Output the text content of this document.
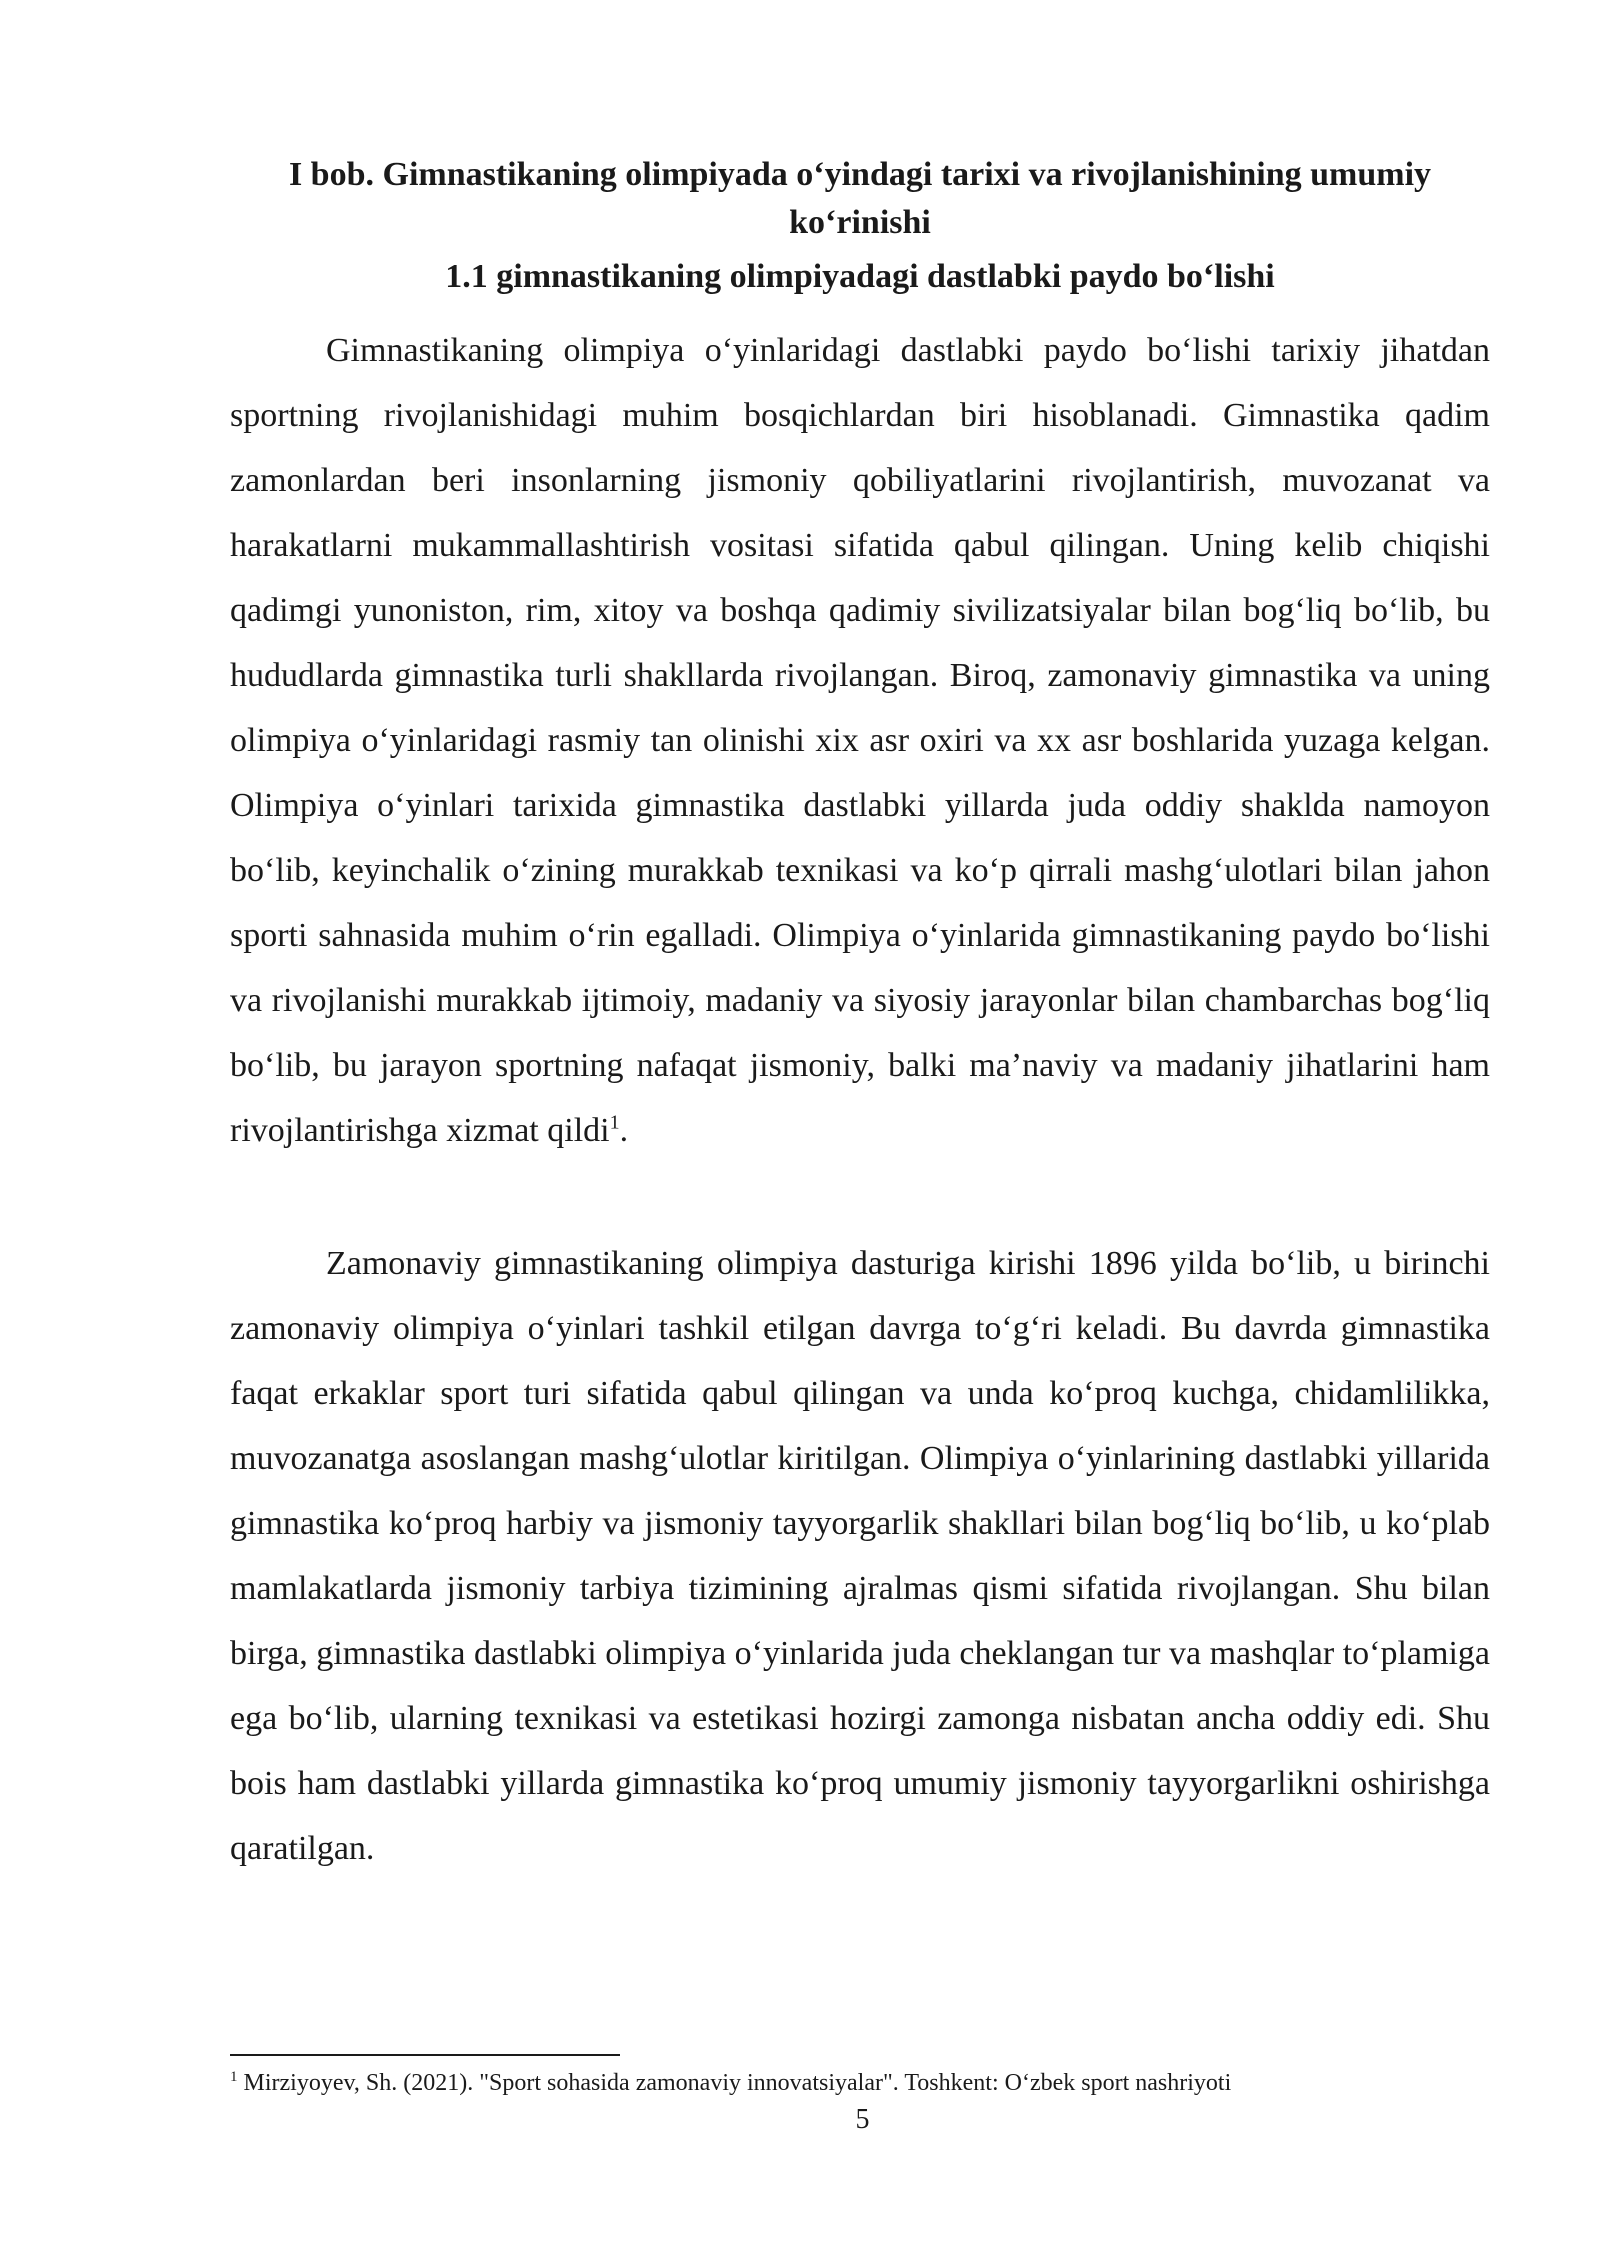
I bob. Gimnastikaning olimpiyada o‘yindagi tarixi va rivojlanishining umumiy ko‘rinishi
1.1 gimnastikaning olimpiyadagi dastlabki paydo bo‘lishi

Gimnastikaning olimpiya o‘yinlaridagi dastlabki paydo bo‘lishi tarixiy jihatdan sportning rivojlanishidagi muhim bosqichlardan biri hisoblanadi. Gimnastika qadim zamonlardan beri insonlarning jismoniy qobiliyatlarini rivojlantirish, muvozanat va harakatlarni mukammallashtirish vositasi sifatida qabul qilingan. Uning kelib chiqishi qadimgi yunoniston, rim, xitoy va boshqa qadimiy sivilizatsiyalar bilan bog‘liq bo‘lib, bu hududlarda gimnastika turli shakllarda rivojlangan. Biroq, zamonaviy gimnastika va uning olimpiya o‘yinlaridagi rasmiy tan olinishi xix asr oxiri va xx asr boshlarida yuzaga kelgan. Olimpiya o‘yinlari tarixida gimnastika dastlabki yillarda juda oddiy shaklda namoyon bo‘lib, keyinchalik o‘zining murakkab texnikasi va ko‘p qirrali mashg‘ulotlari bilan jahon sporti sahnasida muhim o‘rin egalladi. Olimpiya o‘yinlarida gimnastikaning paydo bo‘lishi va rivojlanishi murakkab ijtimoiy, madaniy va siyosiy jarayonlar bilan chambarchas bog‘liq bo‘lib, bu jarayon sportning nafaqat jismoniy, balki ma’naviy va madaniy jihatlarini ham rivojlantirishga xizmat qildi$^1$.

Zamonaviy gimnastikaning olimpiya dasturiga kirishi 1896 yilda bo‘lib, u birinchi zamonaviy olimpiya o‘yinlari tashkil etilgan davrga to‘g‘ri keladi. Bu davrda gimnastika faqat erkaklar sport turi sifatida qabul qilingan va unda ko‘proq kuchga, chidamlilikka, muvozanatga asoslangan mashg‘ulotlar kiritilgan. Olimpiya o‘yinlarining dastlabki yillarida gimnastika ko‘proq harbiy va jismoniy tayyorgarlik shakllari bilan bog‘liq bo‘lib, u ko‘plab mamlakatlarda jismoniy tarbiya tizimining ajralmas qismi sifatida rivojlangan. Shu bilan birga, gimnastika dastlabki olimpiya o‘yinlarida juda cheklangan tur va mashqlar to‘plamiga ega bo‘lib, ularning texnikasi va estetikasi hozirgi zamonga nisbatan ancha oddiy edi. Shu bois ham dastlabki yillarda gimnastika ko‘proq umumiy jismoniy tayyorgarlikni oshirishga qaratilgan.

$^1$ Mirziyoyev, Sh. (2021). "Sport sohasida zamonaviy innovatsiyalar". Toshkent: O‘zbek sport nashriyoti

5
